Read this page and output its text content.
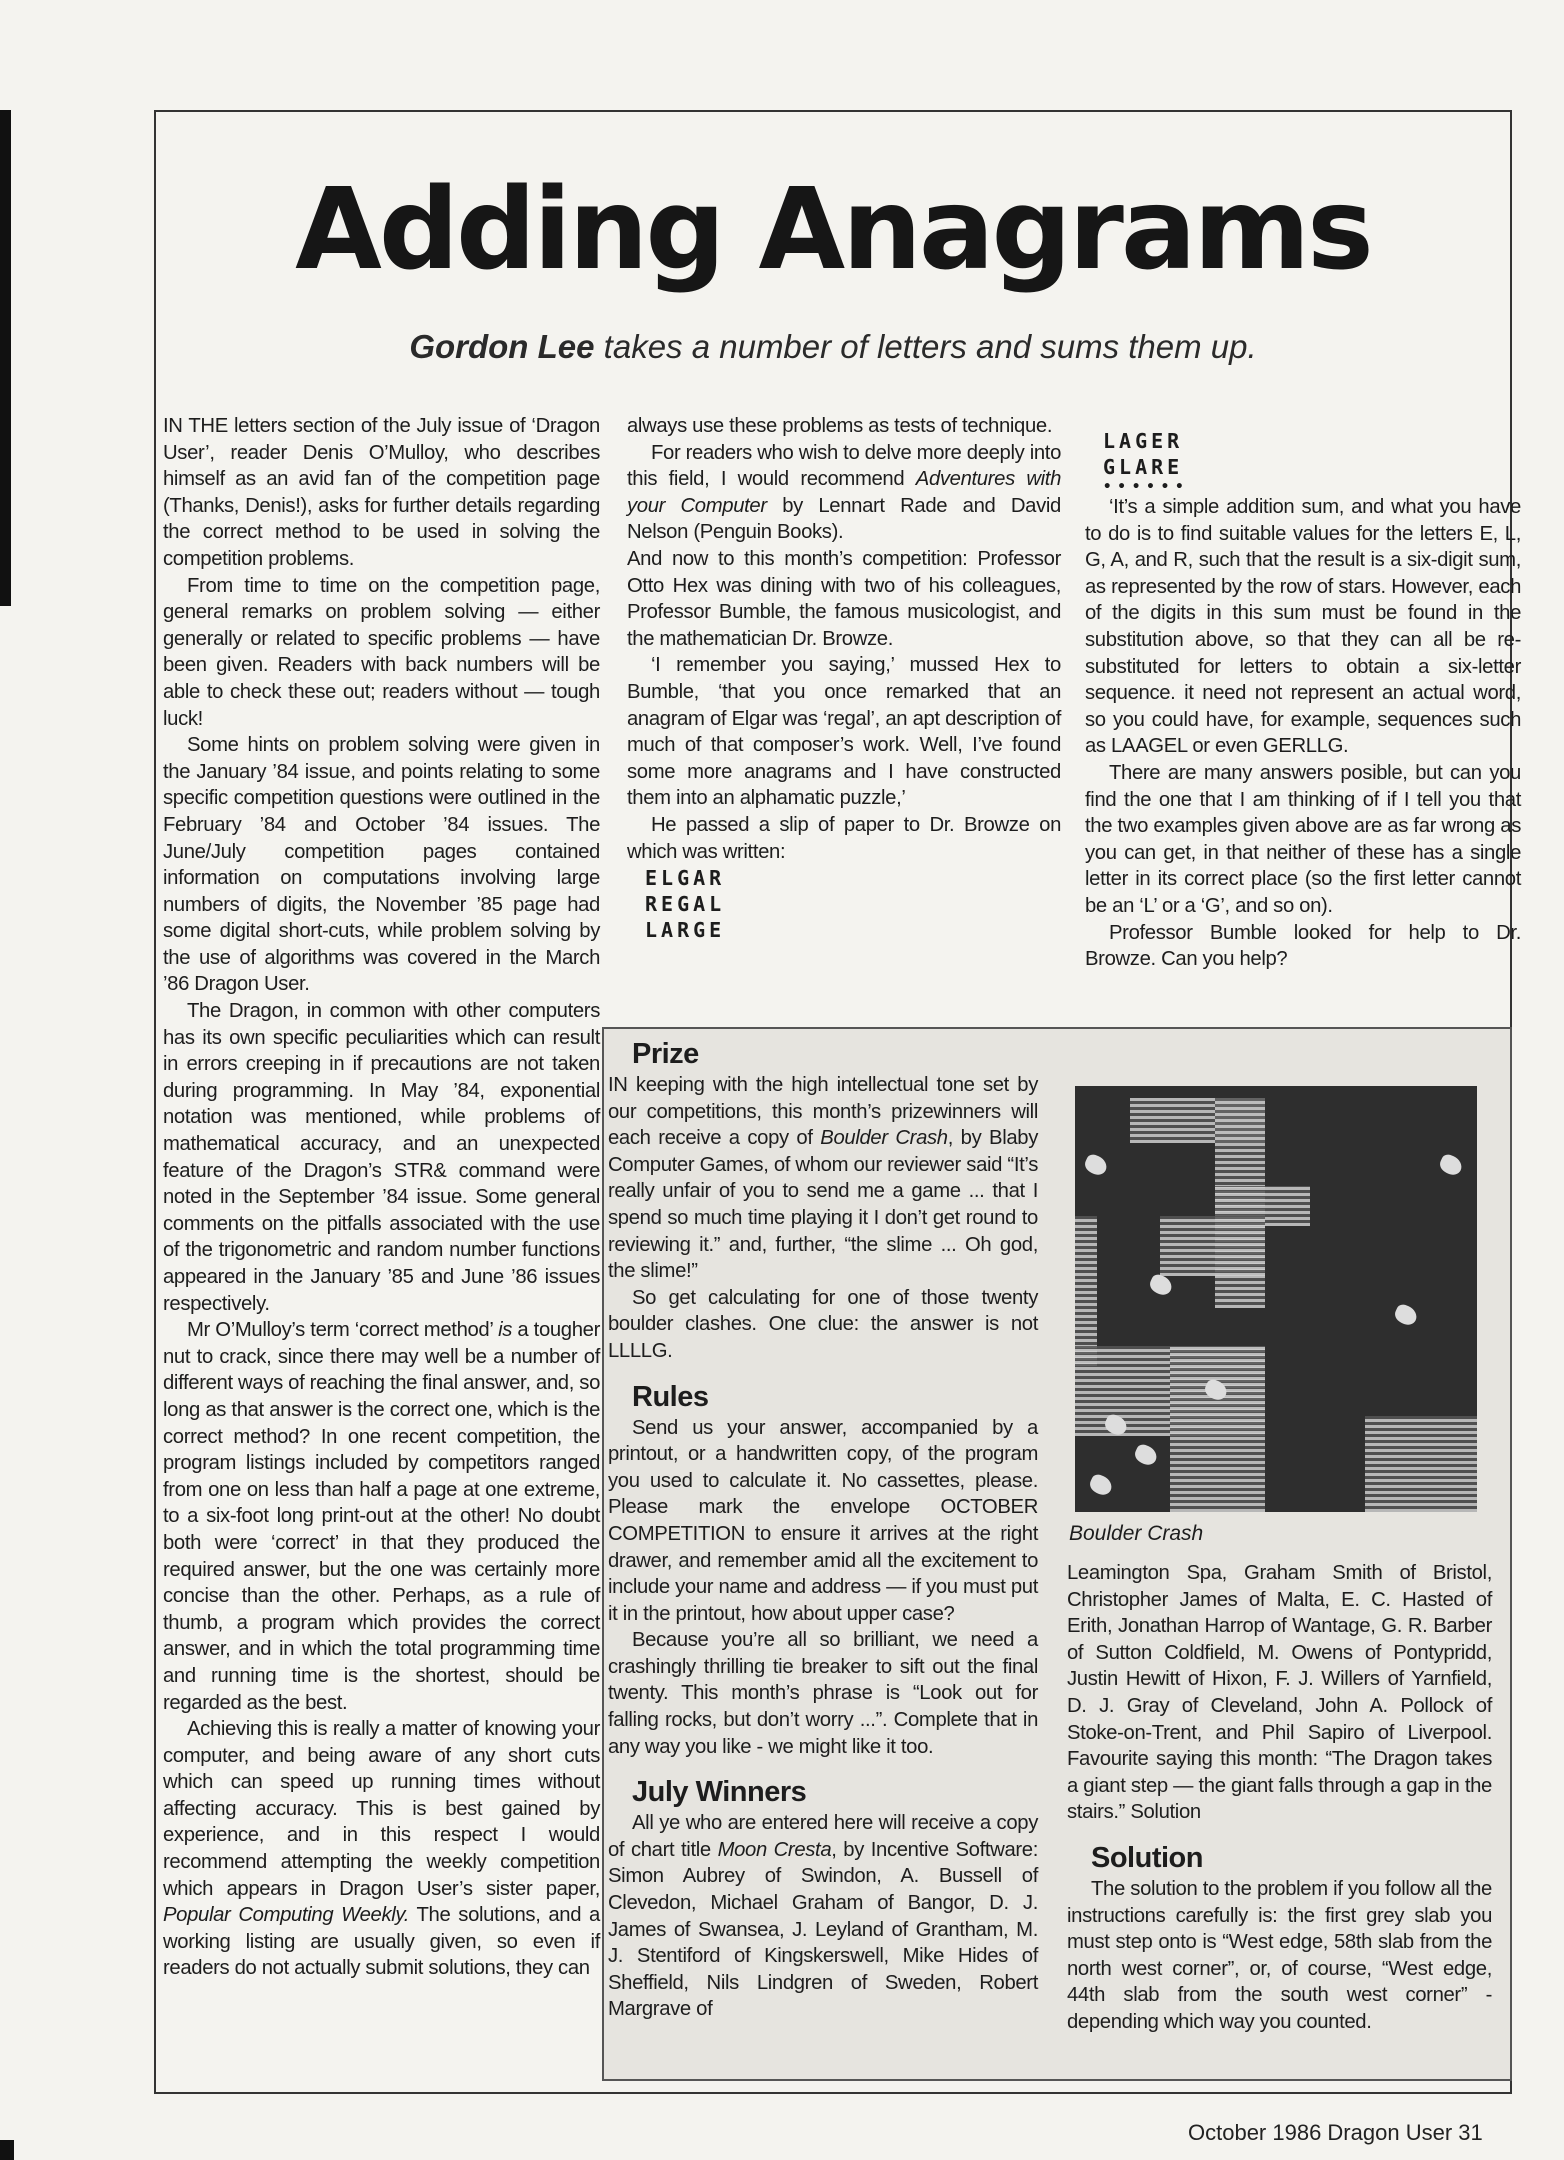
Adding Anagrams
Gordon Lee takes a number of letters and sums them up.

IN THE letters section of the July issue of ‘Dragon User’, reader Denis O’Mulloy, who describes himself as an avid fan of the competition page (Thanks, Denis!), asks for further details regarding the correct method to be used in solving the competition problems.

From time to time on the competition page, general remarks on problem solving — either generally or related to specific problems — have been given. Readers with back numbers will be able to check these out; readers without — tough luck!

Some hints on problem solving were given in the January ’84 issue, and points relating to some specific competition questions were outlined in the February ’84 and October ’84 issues. The June/July competition pages contained information on computations involving large numbers of digits, the November ’85 page had some digital short-cuts, while problem solving by the use of algorithms was covered in the March ’86 Dragon User.

The Dragon, in common with other computers has its own specific peculiarities which can result in errors creeping in if precautions are not taken during programming. In May ’84, exponential notation was mentioned, while problems of mathematical accuracy, and an unexpected feature of the Dragon’s STR& command were noted in the September ’84 issue. Some general comments on the pitfalls associated with the use of the trigonometric and random number functions appeared in the January ’85 and June ’86 issues respectively.

Mr O’Mulloy’s term ‘correct method’ is a tougher nut to crack, since there may well be a number of different ways of reaching the final answer, and, so long as that answer is the correct one, which is the correct method? In one recent competition, the program listings included by competitors ranged from one on less than half a page at one extreme, to a six-foot long print-out at the other! No doubt both were ‘correct’ in that they produced the required answer, but the one was certainly more concise than the other. Perhaps, as a rule of thumb, a program which provides the correct answer, and in which the total programming time and running time is the shortest, should be regarded as the best.

Achieving this is really a matter of knowing your computer, and being aware of any short cuts which can speed up running times without affecting accuracy. This is best gained by experience, and in this respect I would recommend attempting the weekly competition which appears in Dragon User’s sister paper, Popular Computing Weekly. The solutions, and a working listing are usually given, so even if readers do not actually submit solutions, they can

always use these problems as tests of technique.

For readers who wish to delve more deeply into this field, I would recommend Adventures with your Computer by Lennart Rade and David Nelson (Penguin Books).

And now to this month’s competition: Professor Otto Hex was dining with two of his colleagues, Professor Bumble, the famous musicologist, and the mathematician Dr. Browze.

‘I remember you saying,’ mussed Hex to Bumble, ‘that you once remarked that an anagram of Elgar was ‘regal’, an apt description of much of that composer’s work. Well, I’ve found some more anagrams and I have constructed them into an alphamatic puzzle,’

He passed a slip of paper to Dr. Browze on which was written:

ELGAR
REGAL
LARGE
LAGER
GLARE
••••••

‘It’s a simple addition sum, and what you have to do is to find suitable values for the letters E, L, G, A, and R, such that the result is a six-digit sum, as represented by the row of stars. However, each of the digits in this sum must be found in the substitution above, so that they can all be re-substituted for letters to obtain a six-letter sequence. it need not represent an actual word, so you could have, for example, sequences such as LAAGEL or even GERLLG.

There are many answers posible, but can you find the one that I am thinking of if I tell you that the two examples given above are as far wrong as you can get, in that neither of these has a single letter in its correct place (so the first letter cannot be an ‘L’ or a ‘G’, and so on).

Professor Bumble looked for help to Dr. Browze. Can you help?

Prize

IN keeping with the high intellectual tone set by our competitions, this month’s prizewinners will each receive a copy of Boulder Crash, by Blaby Computer Games, of whom our reviewer said “It’s really unfair of you to send me a game ... that I spend so much time playing it I don’t get round to reviewing it.” and, further, “the slime ... Oh god, the slime!”

So get calculating for one of those twenty boulder clashes. One clue: the answer is not LLLLG.

Rules

Send us your answer, accompanied by a printout, or a handwritten copy, of the program you used to calculate it. No cassettes, please. Please mark the envelope OCTOBER COMPETITION to ensure it arrives at the right drawer, and remember amid all the excitement to include your name and address — if you must put it in the printout, how about upper case?

Because you’re all so brilliant, we need a crashingly thrilling tie breaker to sift out the final twenty. This month’s phrase is “Look out for falling rocks, but don’t worry ...”. Complete that in any way you like - we might like it too.

July Winners

All ye who are entered here will receive a copy of chart title Moon Cresta, by Incentive Software: Simon Aubrey of Swindon, A. Bussell of Clevedon, Michael Graham of Bangor, D. J. James of Swansea, J. Leyland of Grantham, M. J. Stentiford of Kingskerswell, Mike Hides of Sheffield, Nils Lindgren of Sweden, Robert Margrave of

Boulder Crash

Leamington Spa, Graham Smith of Bristol, Christopher James of Malta, E. C. Hasted of Erith, Jonathan Harrop of Wantage, G. R. Barber of Sutton Coldfield, M. Owens of Pontypridd, Justin Hewitt of Hixon, F. J. Willers of Yarnfield, D. J. Gray of Cleveland, John A. Pollock of Stoke-on-Trent, and Phil Sapiro of Liverpool. Favourite saying this month: “The Dragon takes a giant step — the giant falls through a gap in the stairs.” Solution

Solution

The solution to the problem if you follow all the instructions carefully is: the first grey slab you must step onto is “West edge, 58th slab from the north west corner”, or, of course, “West edge, 44th slab from the south west corner” - depending which way you counted.

October 1986 Dragon User 31
